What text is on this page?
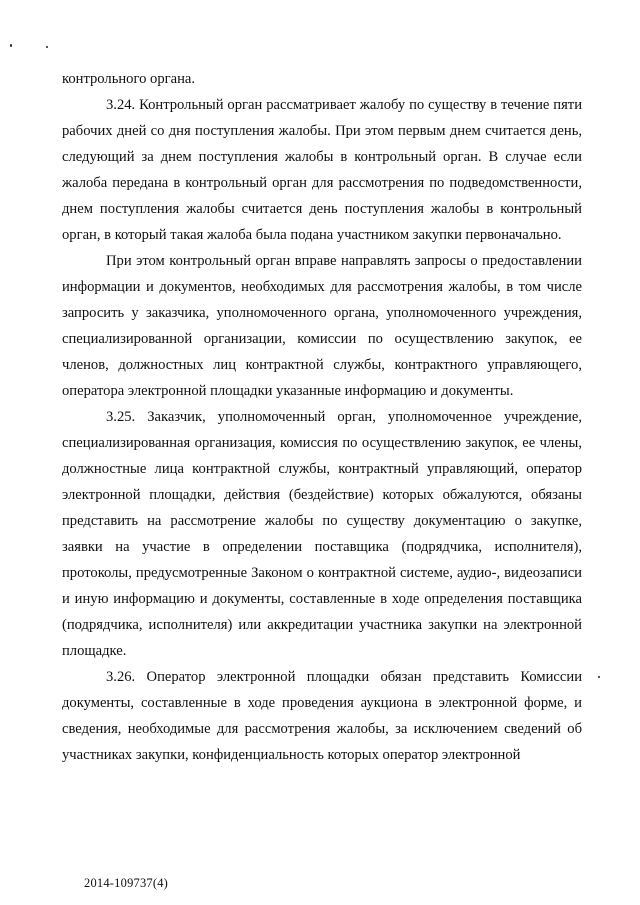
контрольного органа.

3.24. Контрольный орган рассматривает жалобу по существу в течение пяти рабочих дней со дня поступления жалобы. При этом первым днем считается день, следующий за днем поступления жалобы в контрольный орган. В случае если жалоба передана в контрольный орган для рассмотрения по подведомственности, днем поступления жалобы считается день поступления жалобы в контрольный орган, в который такая жалоба была подана участником закупки первоначально.

При этом контрольный орган вправе направлять запросы о предоставлении информации и документов, необходимых для рассмотрения жалобы, в том числе запросить у заказчика, уполномоченного органа, уполномоченного учреждения, специализированной организации, комиссии по осуществлению закупок, ее членов, должностных лиц контрактной службы, контрактного управляющего, оператора электронной площадки указанные информацию и документы.

3.25. Заказчик, уполномоченный орган, уполномоченное учреждение, специализированная организация, комиссия по осуществлению закупок, ее члены, должностные лица контрактной службы, контрактный управляющий, оператор электронной площадки, действия (бездействие) которых обжалуются, обязаны представить на рассмотрение жалобы по существу документацию о закупке, заявки на участие в определении поставщика (подрядчика, исполнителя), протоколы, предусмотренные Законом о контрактной системе, аудио-, видеозаписи и иную информацию и документы, составленные в ходе определения поставщика (подрядчика, исполнителя) или аккредитации участника закупки на электронной площадке.

3.26. Оператор электронной площадки обязан представить Комиссии документы, составленные в ходе проведения аукциона в электронной форме, и сведения, необходимые для рассмотрения жалобы, за исключением сведений об участниках закупки, конфиденциальность которых оператор электронной

2014-109737(4)
